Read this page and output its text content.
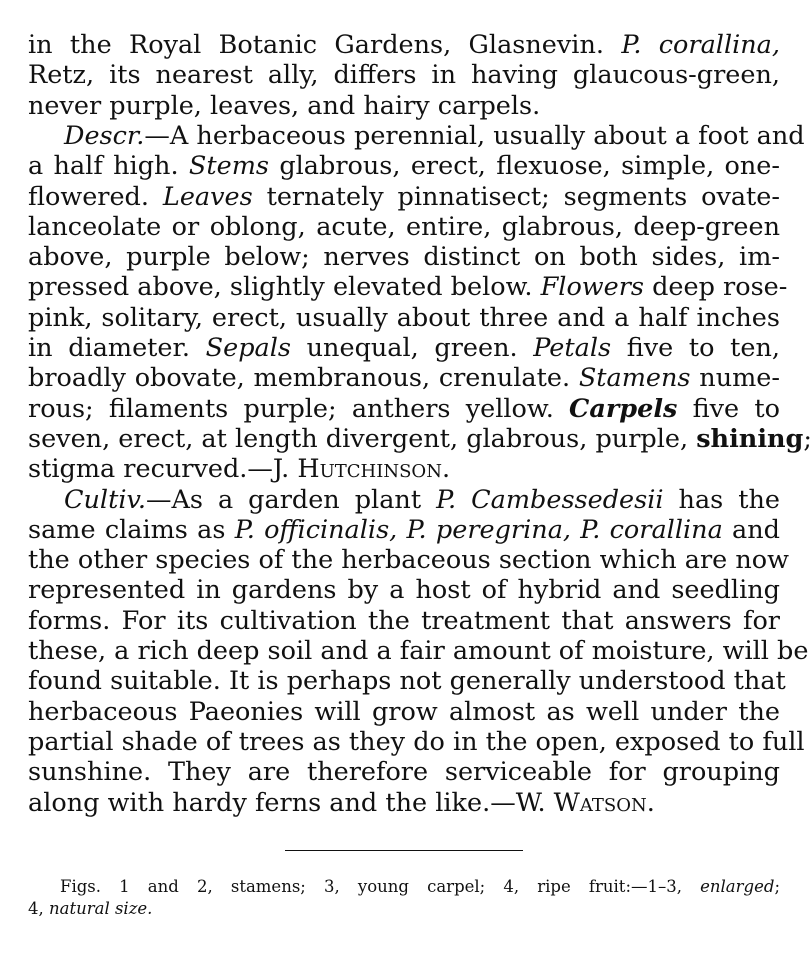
in the Royal Botanic Gardens, Glasnevin. P. corallina,
Retz, its nearest ally, differs in having glaucous-green,
never purple, leaves, and hairy carpels.
Descr.—A herbaceous perennial, usually about a foot and
a half high. Stems glabrous, erect, flexuose, simple, one-
flowered. Leaves ternately pinnatisect; segments ovate-
lanceolate or oblong, acute, entire, glabrous, deep-green
above, purple below; nerves distinct on both sides, im-
pressed above, slightly elevated below. Flowers deep rose-
pink, solitary, erect, usually about three and a half inches
in diameter. Sepals unequal, green. Petals five to ten,
broadly obovate, membranous, crenulate. Stamens nume-
rous; filaments purple; anthers yellow. Carpels five to
seven, erect, at length divergent, glabrous, purple, shining;
stigma recurved.—J. Hutchinson.
Cultiv.—As a garden plant P. Cambessedesii has the
same claims as P. officinalis, P. peregrina, P. corallina and
the other species of the herbaceous section which are now
represented in gardens by a host of hybrid and seedling
forms. For its cultivation the treatment that answers for
these, a rich deep soil and a fair amount of moisture, will be
found suitable. It is perhaps not generally understood that
herbaceous Paeonies will grow almost as well under the
partial shade of trees as they do in the open, exposed to full
sunshine. They are therefore serviceable for grouping
along with hardy ferns and the like.—W. Watson.
Figs. 1 and 2, stamens; 3, young carpel; 4, ripe fruit:—1–3, enlarged;
4, natural size.
